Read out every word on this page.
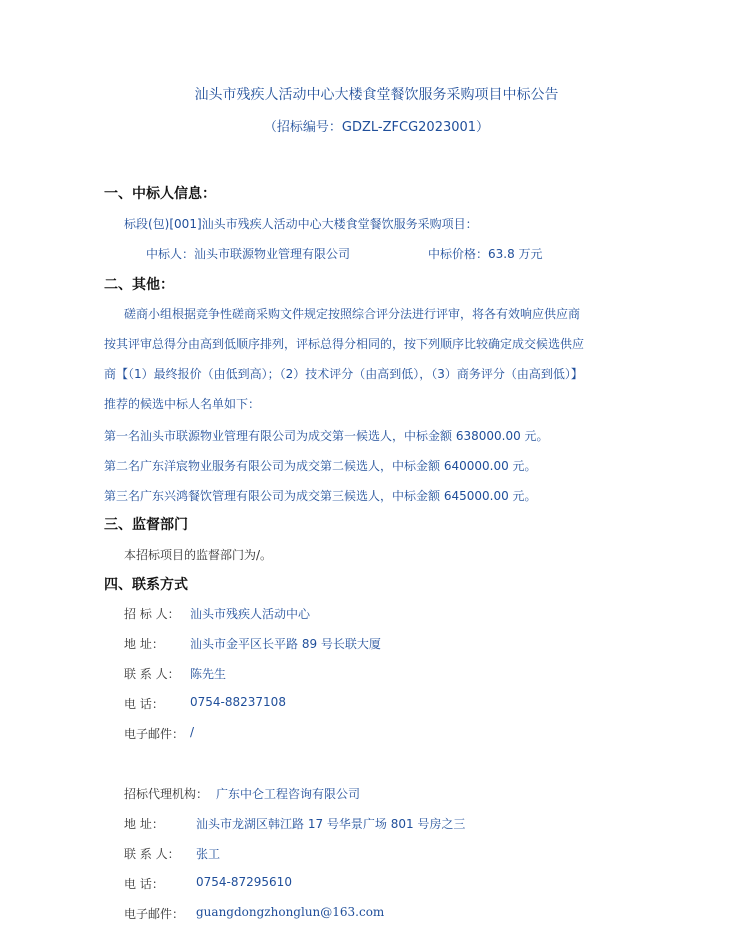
汕头市残疾人活动中心大楼食堂餐饮服务采购项目中标公告
（招标编号：GDZL-ZFCG2023001）
一、中标人信息：
标段(包)[001]汕头市残疾人活动中心大楼食堂餐饮服务采购项目：
中标人：汕头市联源物业管理有限公司	中标价格：63.8 万元
二、其他：
磋商小组根据竞争性磋商采购文件规定按照综合评分法进行评审，将各有效响应供应商
按其评审总得分由高到低顺序排列，评标总得分相同的，按下列顺序比较确定成交候选供应
商【（1）最终报价（由低到高）；（2）技术评分（由高到低），（3）商务评分（由高到低）】
推荐的候选中标人名单如下：
第一名汕头市联源物业管理有限公司为成交第一候选人，中标金额 638000.00 元。
第二名广东洋宸物业服务有限公司为成交第二候选人，中标金额 640000.00 元。
第三名广东兴鸿餐饮管理有限公司为成交第三候选人，中标金额 645000.00 元。
三、监督部门
本招标项目的监督部门为/。
四、联系方式
招 标 人： 汕头市残疾人活动中心
地 址： 汕头市金平区长平路 89 号长联大厦
联 系 人： 陈先生
电 话： 0754-88237108
电子邮件： /
招标代理机构： 广东中仑工程咨询有限公司
地 址：	汕头市龙湖区韩江路 17 号华景广场 801 号房之三
联 系 人： 张工
电 话：	0754-87295610
电子邮件： guangdongzhonglun@163.com
